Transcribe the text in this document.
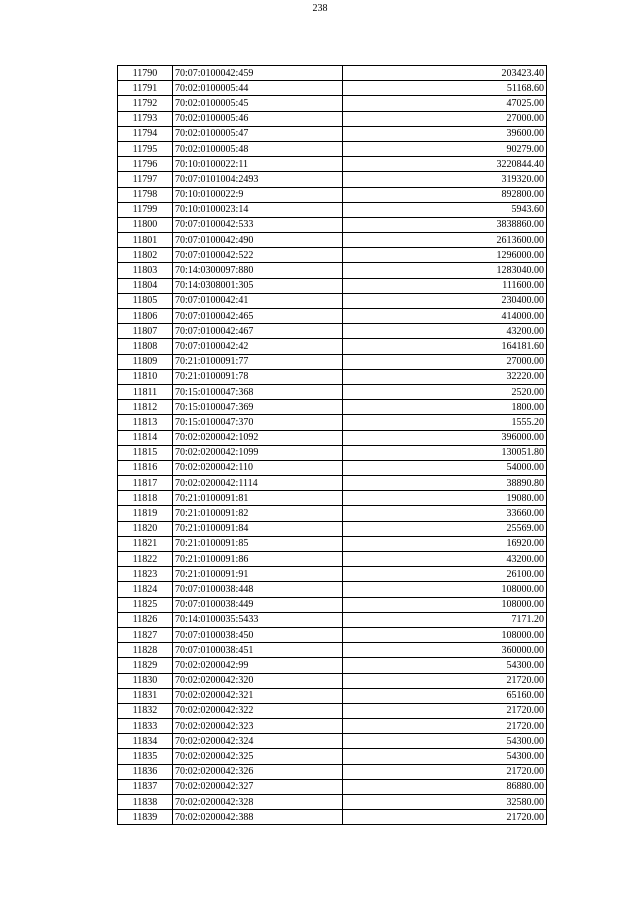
238
11790	70:07:0100042:459	203423.40
11791	70:02:0100005:44	51168.60
11792	70:02:0100005:45	47025.00
11793	70:02:0100005:46	27000.00
11794	70:02:0100005:47	39600.00
11795	70:02:0100005:48	90279.00
11796	70:10:0100022:11	3220844.40
11797	70:07:0101004:2493	319320.00
11798	70:10:0100022:9	892800.00
11799	70:10:0100023:14	5943.60
11800	70:07:0100042:533	3838860.00
11801	70:07:0100042:490	2613600.00
11802	70:07:0100042:522	1296000.00
11803	70:14:0300097:880	1283040.00
11804	70:14:0308001:305	111600.00
11805	70:07:0100042:41	230400.00
11806	70:07:0100042:465	414000.00
11807	70:07:0100042:467	43200.00
11808	70:07:0100042:42	164181.60
11809	70:21:0100091:77	27000.00
11810	70:21:0100091:78	32220.00
11811	70:15:0100047:368	2520.00
11812	70:15:0100047:369	1800.00
11813	70:15:0100047:370	1555.20
11814	70:02:0200042:1092	396000.00
11815	70:02:0200042:1099	130051.80
11816	70:02:0200042:110	54000.00
11817	70:02:0200042:1114	38890.80
11818	70:21:0100091:81	19080.00
11819	70:21:0100091:82	33660.00
11820	70:21:0100091:84	25569.00
11821	70:21:0100091:85	16920.00
11822	70:21:0100091:86	43200.00
11823	70:21:0100091:91	26100.00
11824	70:07:0100038:448	108000.00
11825	70:07:0100038:449	108000.00
11826	70:14:0100035:5433	7171.20
11827	70:07:0100038:450	108000.00
11828	70:07:0100038:451	360000.00
11829	70:02:0200042:99	54300.00
11830	70:02:0200042:320	21720.00
11831	70:02:0200042:321	65160.00
11832	70:02:0200042:322	21720.00
11833	70:02:0200042:323	21720.00
11834	70:02:0200042:324	54300.00
11835	70:02:0200042:325	54300.00
11836	70:02:0200042:326	21720.00
11837	70:02:0200042:327	86880.00
11838	70:02:0200042:328	32580.00
11839	70:02:0200042:388	21720.00
